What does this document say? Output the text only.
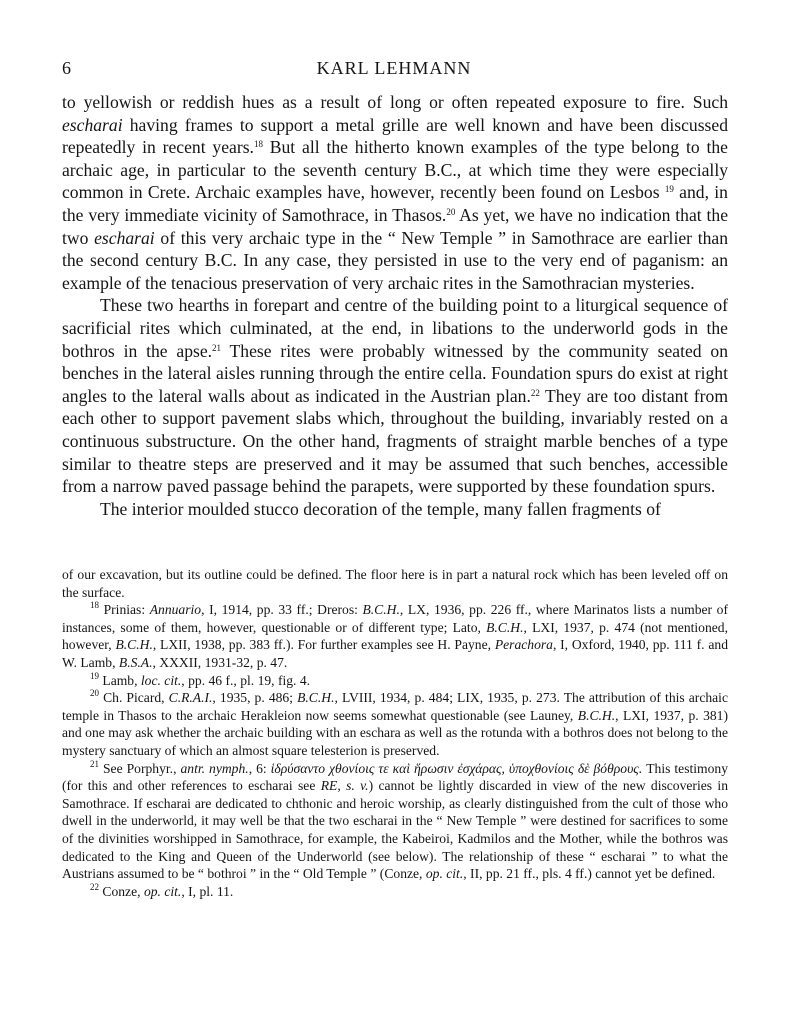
6	KARL LEHMANN

to yellowish or reddish hues as a result of long or often repeated exposure to fire. Such escharai having frames to support a metal grille are well known and have been discussed repeatedly in recent years.$^{18}$ But all the hitherto known examples of the type belong to the archaic age, in particular to the seventh century B.C., at which time they were especially common in Crete. Archaic examples have, however, recently been found on Lesbos $^{19}$ and, in the very immediate vicinity of Samothrace, in Thasos.$^{20}$ As yet, we have no indication that the two escharai of this very archaic type in the “ New Temple ” in Samothrace are earlier than the second century B.C. In any case, they persisted in use to the very end of paganism: an example of the tenacious preservation of very archaic rites in the Samothracian mysteries.

These two hearths in forepart and centre of the building point to a liturgical sequence of sacrificial rites which culminated, at the end, in libations to the underworld gods in the bothros in the apse.$^{21}$ These rites were probably witnessed by the community seated on benches in the lateral aisles running through the entire cella. Foundation spurs do exist at right angles to the lateral walls about as indicated in the Austrian plan.$^{22}$ They are too distant from each other to support pavement slabs which, throughout the building, invariably rested on a continuous substructure. On the other hand, fragments of straight marble benches of a type similar to theatre steps are preserved and it may be assumed that such benches, accessible from a narrow paved passage behind the parapets, were supported by these foundation spurs.

The interior moulded stucco decoration of the temple, many fallen fragments of

of our excavation, but its outline could be defined. The floor here is in part a natural rock which has been leveled off on the surface.

$^{18}$ Prinias: Annuario, I, 1914, pp. 33 ff.; Dreros: B.C.H., LX, 1936, pp. 226 ff., where Marinatos lists a number of instances, some of them, however, questionable or of different type; Lato, B.C.H., LXI, 1937, p. 474 (not mentioned, however, B.C.H., LXII, 1938, pp. 383 ff.). For further examples see H. Payne, Perachora, I, Oxford, 1940, pp. 111 f. and W. Lamb, B.S.A., XXXII, 1931-32, p. 47.

$^{19}$ Lamb, loc. cit., pp. 46 f., pl. 19, fig. 4.

$^{20}$ Ch. Picard, C.R.A.I., 1935, p. 486; B.C.H., LVIII, 1934, p. 484; LIX, 1935, p. 273. The attribution of this archaic temple in Thasos to the archaic Herakleion now seems somewhat questionable (see Launey, B.C.H., LXI, 1937, p. 381) and one may ask whether the archaic building with an eschara as well as the rotunda with a bothros does not belong to the mystery sanctuary of which an almost square telesterion is preserved.

$^{21}$ See Porphyr., antr. nymph., 6: ἱδρύσαντο χθονίοις τε καὶ ἥρωσιν ἐσχάρας, ὑποχθονίοις δὲ βόθρους. This testimony (for this and other references to escharai see RE, s. v.) cannot be lightly discarded in view of the new discoveries in Samothrace. If escharai are dedicated to chthonic and heroic worship, as clearly distinguished from the cult of those who dwell in the underworld, it may well be that the two escharai in the “ New Temple ” were destined for sacrifices to some of the divinities worshipped in Samothrace, for example, the Kabeiroi, Kadmilos and the Mother, while the bothros was dedicated to the King and Queen of the Underworld (see below). The relationship of these “ escharai ” to what the Austrians assumed to be “ bothroi ” in the “ Old Temple ” (Conze, op. cit., II, pp. 21 ff., pls. 4 ff.) cannot yet be defined.

$^{22}$ Conze, op. cit., I, pl. 11.
